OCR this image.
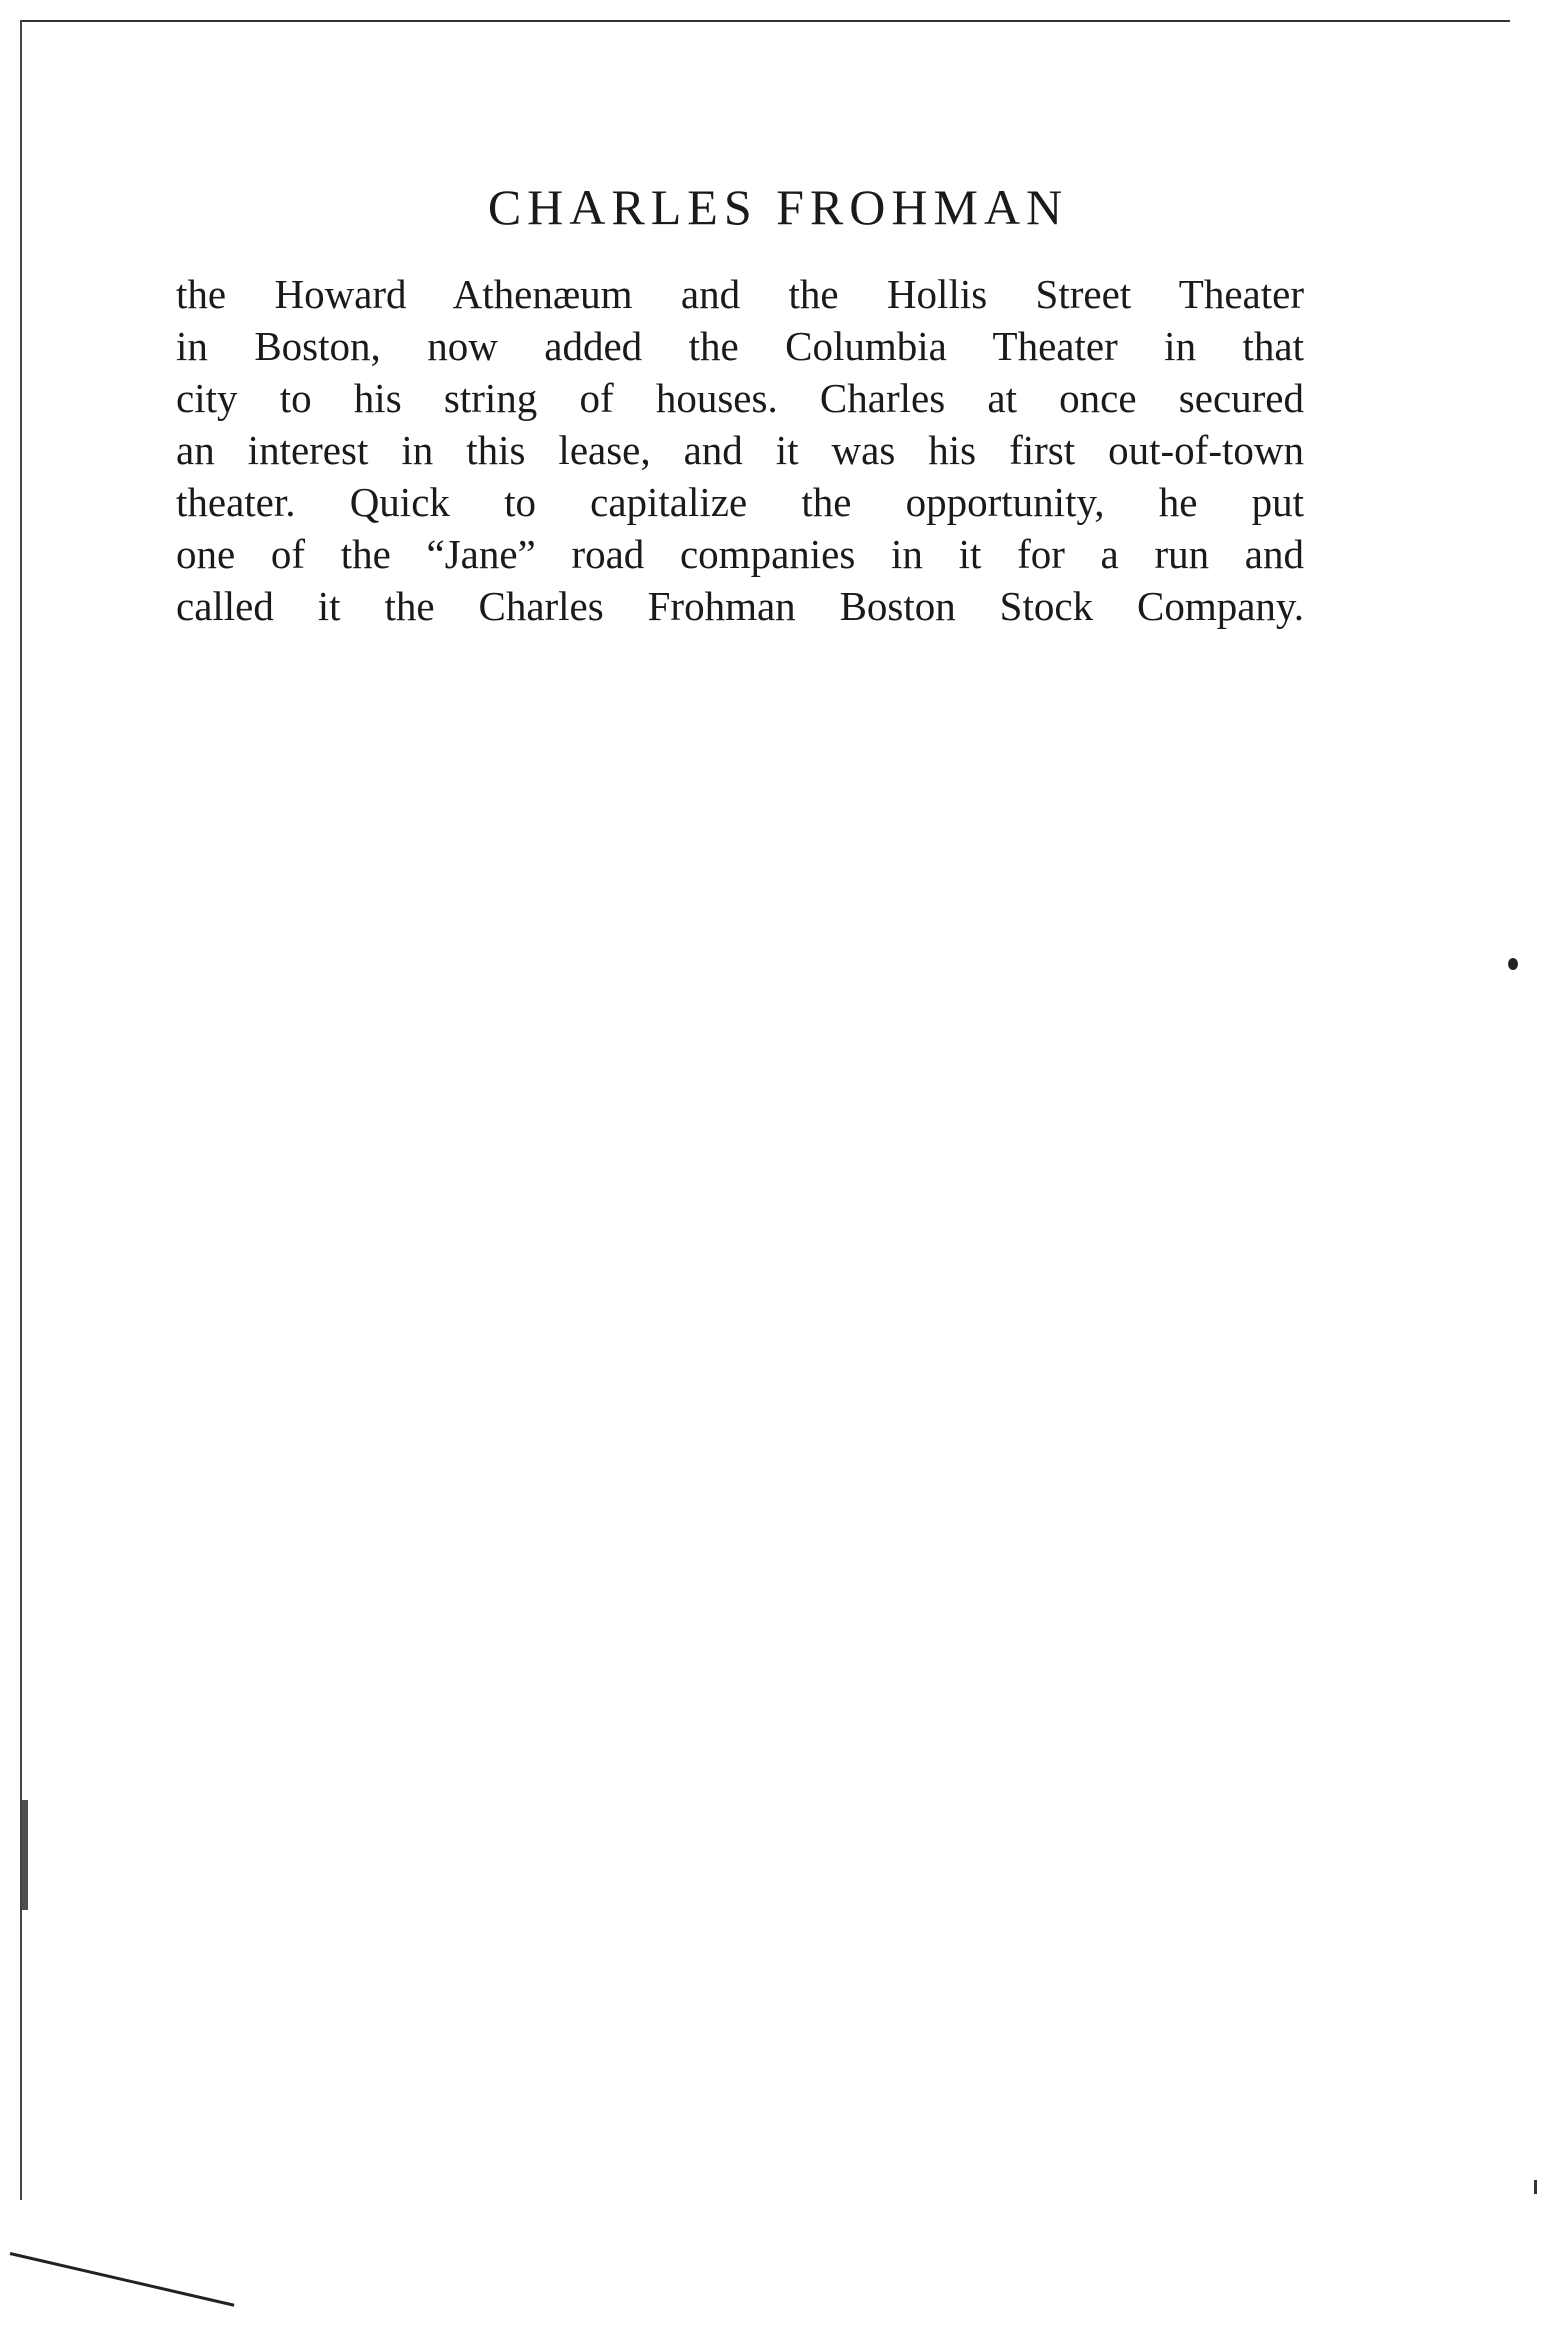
CHARLES FROHMAN
the Howard Athenæum and the Hollis Street Theater
in Boston, now added the Columbia Theater in that
city to his string of houses. Charles at once secured
an interest in this lease, and it was his first out-of-town
theater. Quick to capitalize the opportunity, he put
one of the “Jane” road companies in it for a run and
called it the Charles Frohman Boston Stock Company.
